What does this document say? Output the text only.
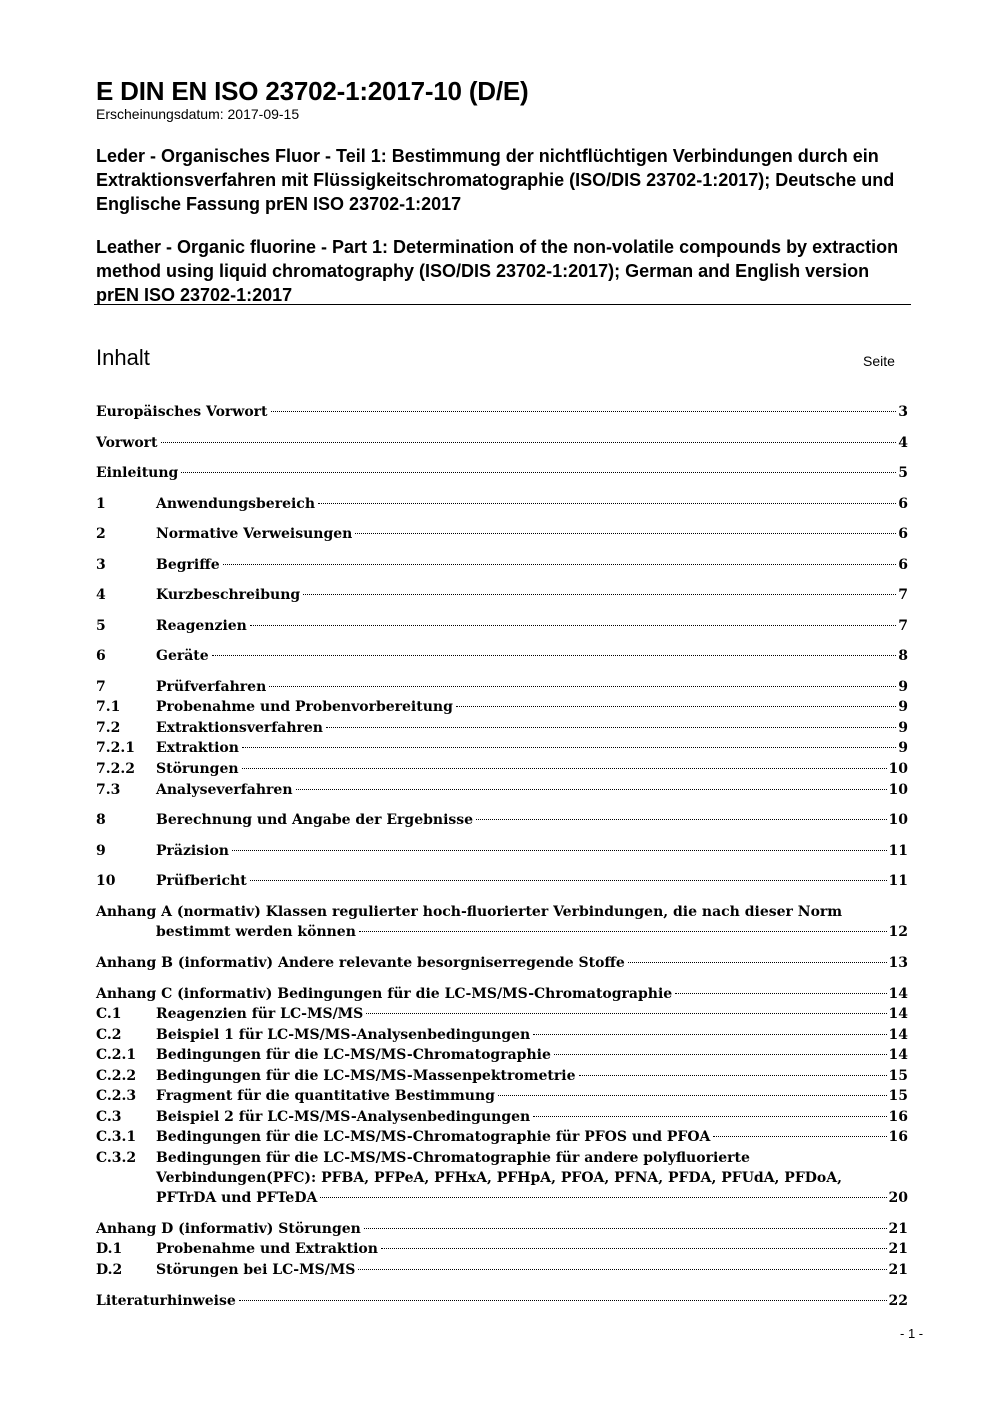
E DIN EN ISO 23702-1:2017-10 (D/E)
Erscheinungsdatum: 2017-09-15
Leder - Organisches Fluor - Teil 1: Bestimmung der nichtflüchtigen Verbindungen durch ein Extraktionsverfahren mit Flüssigkeitschromatographie (ISO/DIS 23702-1:2017); Deutsche und Englische Fassung prEN ISO 23702-1:2017
Leather - Organic fluorine - Part 1: Determination of the non-volatile compounds by extraction method using liquid chromatography (ISO/DIS 23702-1:2017); German and English version prEN ISO 23702-1:2017
Inhalt	Seite
Europäisches Vorwort	3
Vorwort	4
Einleitung	5
1	Anwendungsbereich	6
2	Normative Verweisungen	6
3	Begriffe	6
4	Kurzbeschreibung	7
5	Reagenzien	7
6	Geräte	8
7	Prüfverfahren	9
7.1	Probenahme und Probenvorbereitung	9
7.2	Extraktionsverfahren	9
7.2.1 Extraktion	9
7.2.2 Störungen	10
7.3	Analyseverfahren	10
8	Berechnung und Angabe der Ergebnisse	10
9	Präzision	11
10	Prüfbericht	11
Anhang A (normativ) Klassen regulierter hoch-fluorierter Verbindungen, die nach dieser Norm
bestimmt werden können	12
Anhang B (informativ) Andere relevante besorgniserregende Stoffe	13
Anhang C (informativ) Bedingungen für die LC-MS/MS-Chromatographie	14
C.1 Reagenzien für LC-MS/MS	14
C.2 Beispiel 1 für LC-MS/MS-Analysenbedingungen	14
C.2.1 Bedingungen für die LC-MS/MS-Chromatographie	14
C.2.2 Bedingungen für die LC-MS/MS-Massenpektrometrie	15
C.2.3 Fragment für die quantitative Bestimmung	15
C.3 Beispiel 2 für LC-MS/MS-Analysenbedingungen	16
C.3.1 Bedingungen für die LC-MS/MS-Chromatographie für PFOS und PFOA	16
C.3.2 Bedingungen für die LC-MS/MS-Chromatographie für andere polyfluorierte
Verbindungen(PFC): PFBA, PFPeA, PFHxA, PFHpA, PFOA, PFNA, PFDA, PFUdA, PFDoA,
PFTrDA und PFTeDA	20
Anhang D (informativ) Störungen	21
D.1 Probenahme und Extraktion	21
D.2 Störungen bei LC-MS/MS	21
Literaturhinweise	22
- 1 -
